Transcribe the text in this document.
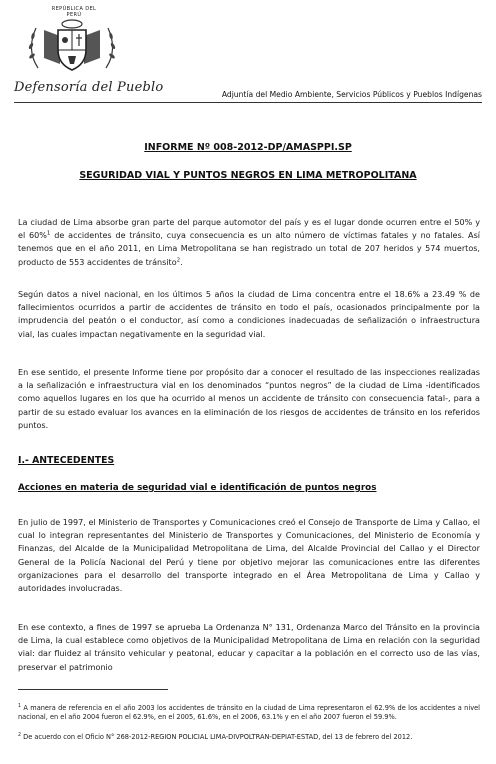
REPÚBLICA DEL PERÚ
Defensoría del Pueblo	Adjuntía del Medio Ambiente, Servicios Públicos y Pueblos Indígenas
INFORME Nº 008-2012-DP/AMASPPI.SP
SEGURIDAD VIAL Y PUNTOS NEGROS EN LIMA METROPOLITANA

La ciudad de Lima absorbe gran parte del parque automotor del país y es el lugar donde ocurren entre el 50% y el 60%$^1$ de accidentes de tránsito, cuya consecuencia es un alto número de víctimas fatales y no fatales. Así tenemos que en el año 2011, en Lima Metropolitana se han registrado un total de 207 heridos y 574 muertos, producto de 553 accidentes de tránsito$^2$.

Según datos a nivel nacional, en los últimos 5 años la ciudad de Lima concentra entre el 18.6% a 23.49 % de fallecimientos ocurridos a partir de accidentes de tránsito en todo el país, ocasionados principalmente por la imprudencia del peatón o el conductor, así como a condiciones inadecuadas de señalización o infraestructura vial, las cuales impactan negativamente en la seguridad vial.

En ese sentido, el presente Informe tiene por propósito dar a conocer el resultado de las inspecciones realizadas a la señalización e infraestructura vial en los denominados “puntos negros” de la ciudad de Lima -identificados como aquellos lugares en los que ha ocurrido al menos un accidente de tránsito con consecuencia fatal-, para a partir de su estado evaluar los avances en la eliminación de los riesgos de accidentes de tránsito en los referidos puntos.

I.- ANTECEDENTES
Acciones en materia de seguridad vial e identificación de puntos negros

En julio de 1997, el Ministerio de Transportes y Comunicaciones creó el Consejo de Transporte de Lima y Callao, el cual lo integran representantes del Ministerio de Transportes y Comunicaciones, del Ministerio de Economía y Finanzas, del Alcalde de la Municipalidad Metropolitana de Lima, del Alcalde Provincial del Callao y el Director General de la Policía Nacional del Perú y tiene por objetivo mejorar las comunicaciones entre las diferentes organizaciones para el desarrollo del transporte integrado en el Área Metropolitana de Lima y Callao y autoridades involucradas.

En ese contexto, a fines de 1997 se aprueba La Ordenanza N° 131, Ordenanza Marco del Tránsito en la provincia de Lima, la cual establece como objetivos de la Municipalidad Metropolitana de Lima en relación con la seguridad vial: dar fluidez al tránsito vehicular y peatonal, educar y capacitar a la población en el correcto uso de las vías, preservar el patrimonio

$^1$ A manera de referencia en el año 2003 los accidentes de tránsito en la ciudad de Lima representaron el 62.9% de los accidentes a nivel nacional, en el año 2004 fueron el 62.9%, en el 2005, 61.6%, en el 2006, 63.1% y en el año 2007 fueron el 59.9%.

$^2$ De acuerdo con el Oficio N° 268-2012-REGION POLICIAL LIMA-DIVPOLTRAN-DEPIAT-ESTAD, del 13 de febrero del 2012.
